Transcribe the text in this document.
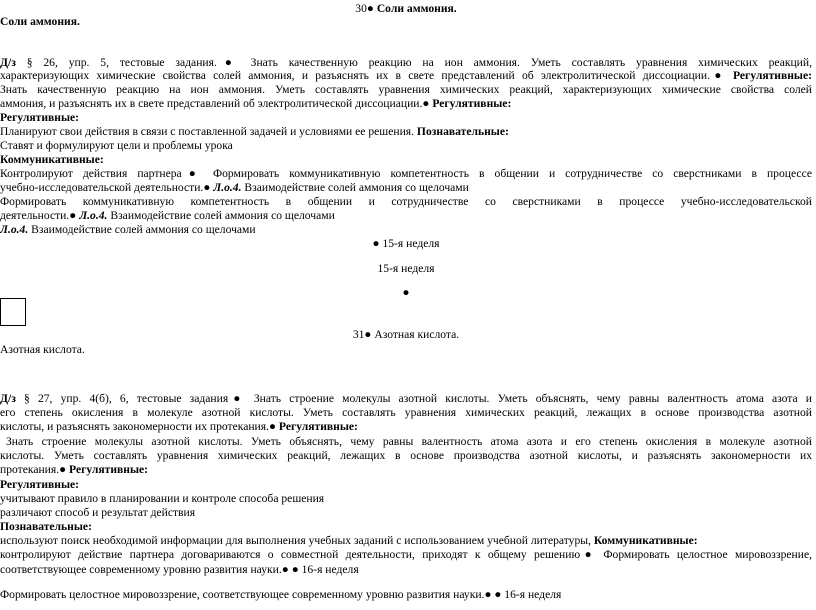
30● Соли аммония.
Соли аммония.
Д/з § 26, упр. 5, тестовые задания.● Знать качественную реакцию на ион аммония. Уметь составлять уравнения химических реакций,
характеризующих химические свойства солей аммония, и разъяснять их в свете представлений об электролитической диссоциации.● Регулятивные:
Знать качественную реакцию на ион аммония. Уметь составлять уравнения химических реакций, характеризующих химические свойства солей
аммония, и разъяснять их в свете представлений об электролитической диссоциации.● Регулятивные:
Регулятивные:
Планируют свои действия в связи с поставленной задачей и условиями ее решения. Познавательные:
Ставят и формулируют цели и проблемы урока
Коммуникативные:
Контролируют действия партнера● Формировать коммуникативную компетентность в общении и сотрудничестве со сверстниками в процессе
учебно-исследовательской деятельности.● Л.о.4. Взаимодействие солей аммония со щелочами
Формировать коммуникативную компетентность в общении и сотрудничестве со сверстниками в процессе учебно-исследовательской
деятельности.● Л.о.4. Взаимодействие солей аммония со щелочами
Л.о.4. Взаимодействие солей аммония со щелочами
● 15-я неделя
15-я неделя
●
31● Азотная кислота.
Азотная кислота.
Д/з § 27, упр. 4(б), 6, тестовые задания● Знать строение молекулы азотной кислоты. Уметь объяснять, чему равны валентность атома азота и
его степень окисления в молекуле азотной кислоты. Уметь составлять уравнения химических реакций, лежащих в основе производства азотной
кислоты, и разъяснять закономерности их протекания.● Регулятивные:
Знать строение молекулы азотной кислоты. Уметь объяснять, чему равны валентность атома азота и его степень окисления в молекуле азотной
кислоты. Уметь составлять уравнения химических реакций, лежащих в основе производства азотной кислоты, и разъяснять закономерности их
протекания.● Регулятивные:
Регулятивные:
учитывают правило в планировании и контроле способа решения
различают способ и результат действия
Познавательные:
используют поиск необходимой информации для выполнения учебных заданий с использованием учебной литературы, Коммуникативные:
контролируют действие партнера договариваются о совместной деятельности, приходят к общему решению● Формировать целостное мировоззрение,
соответствующее современному уровню развития науки.● ● 16-я неделя
Формировать целостное мировоззрение, соответствующее современному уровню развития науки.● ● 16-я неделя
